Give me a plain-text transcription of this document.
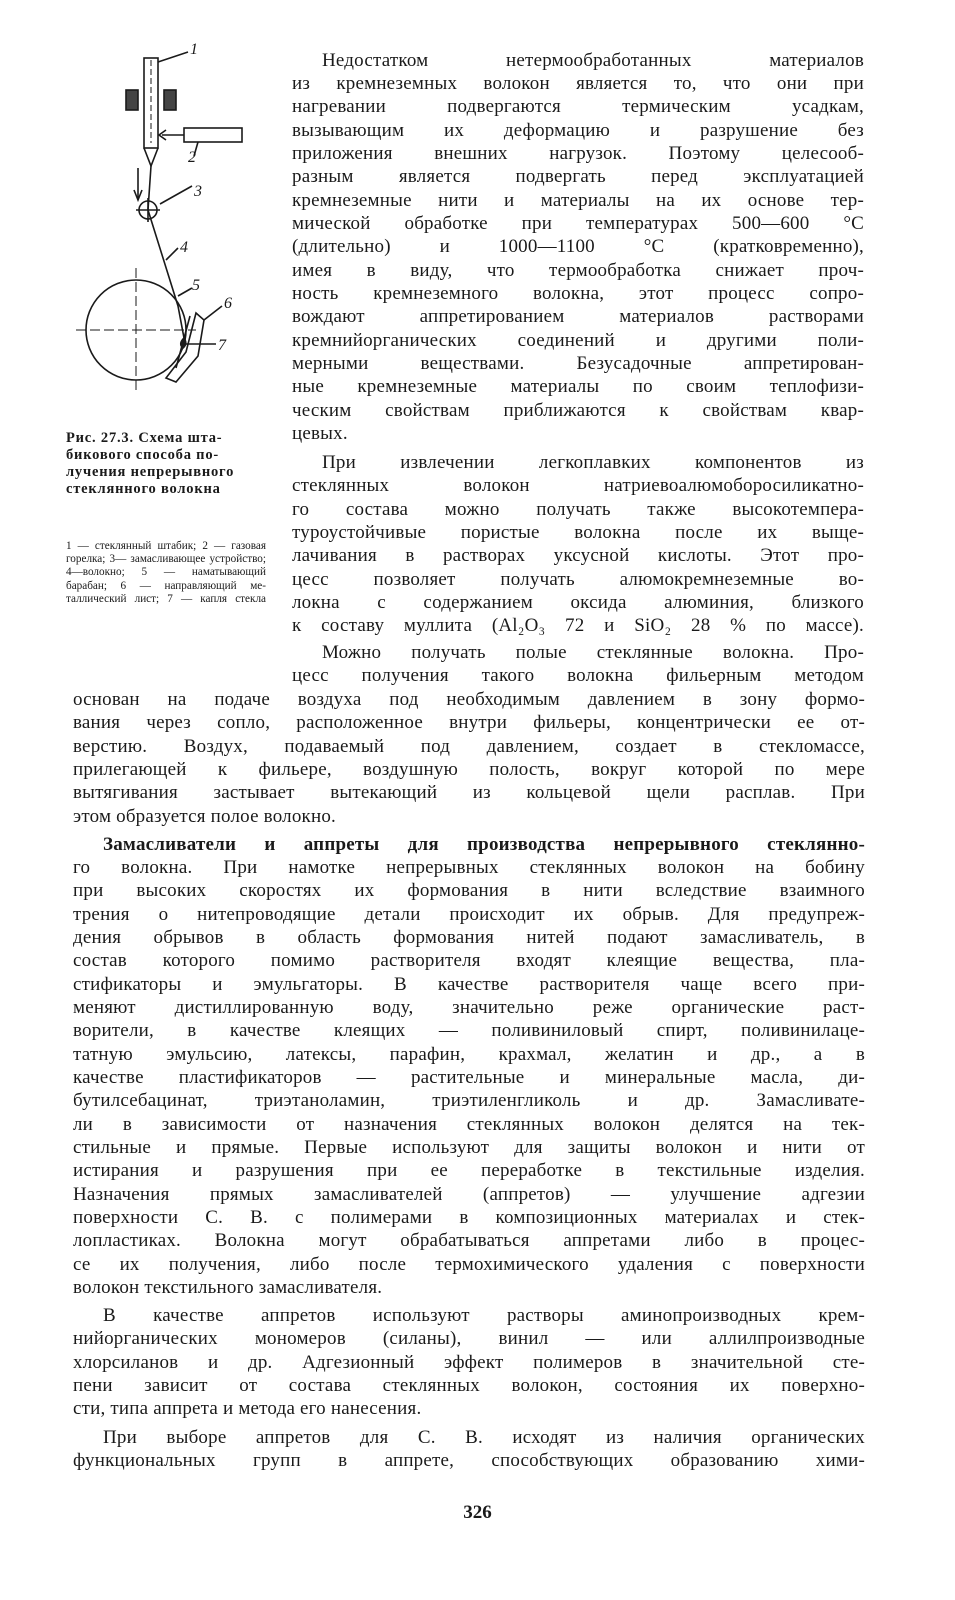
1
2
3
4
5
6
7
Рис. 27.3. Схема штабикового способа получения непрерывного стеклянного волокна
1 — стеклянный штабик; 2 — газовая горелка; 3— замасливающее устройство; 4—волокно; 5 — наматывающий барабан; 6 — направляющий металлический лист; 7 — капля стекла
Недостатком нетермообработанных материалов
из кремнеземных волокон является то, что они при
нагревании подвергаются термическим усадкам,
вызывающим их деформацию и разрушение без
приложения внешних нагрузок. Поэтому целесооб-
разным является подвергать перед эксплуатацией
кремнеземные нити и материалы на их основе тер-
мической обработке при температурах 500—600 °С
(длительно) и 1000—1100 °С (кратковременно),
имея в виду, что термообработка снижает проч-
ность кремнеземного волокна, этот процесс сопро-
вождают аппретированием материалов растворами
кремнийорганических соединений и другими поли-
мерными веществами. Безусадочные аппретирован-
ные кремнеземные материалы по своим теплофизи-
ческим свойствам приближаются к свойствам квар-
цевых.
При извлечении легкоплавких компонентов из
стеклянных волокон натриевоалюмоборосиликатно-
го состава можно получать также высокотемпера-
туроустойчивые пористые волокна после их выще-
лачивания в растворах уксусной кислоты. Этот про-
цесс позволяет получать алюмокремнеземные во-
локна с содержанием оксида алюминия, близкого
к составу муллита (Al₂O₃ 72 и SiO₂ 28 % по массе).
Можно получать полые стеклянные волокна. Про-
цесс получения такого волокна фильерным методом
основан на подаче воздуха под необходимым давлением в зону формо-
вания через сопло, расположенное внутри фильеры, концентрически ее от-
верстию. Воздух, подаваемый под давлением, создает в стекломассе,
прилегающей к фильере, воздушную полость, вокруг которой по мере
вытягивания застывает вытекающий из кольцевой щели расплав. При
этом образуется полое волокно.
Замасливатели и аппреты для производства непрерывного стеклянно-
го волокна. При намотке непрерывных стеклянных волокон на бобину
при высоких скоростях их формования в нити вследствие взаимного
трения о нитепроводящие детали происходит их обрыв. Для предупреж-
дения обрывов в область формования нитей подают замасливатель, в
состав которого помимо растворителя входят клеящие вещества, пла-
стификаторы и эмульгаторы. В качестве растворителя чаще всего при-
меняют дистиллированную воду, значительно реже органические раст-
ворители, в качестве клеящих — поливиниловый спирт, поливинилаце-
татную эмульсию, латексы, парафин, крахмал, желатин и др., а в
качестве пластификаторов — растительные и минеральные масла, ди-
бутилсебацинат, триэтаноламин, триэтиленгликоль и др. Замасливате-
ли в зависимости от назначения стеклянных волокон делятся на тек-
стильные и прямые. Первые используют для защиты волокон и нити от
истирания и разрушения при ее переработке в текстильные изделия.
Назначения прямых замасливателей (аппретов) — улучшение адгезии
поверхности С. В. с полимерами в композиционных материалах и стек-
лопластиках. Волокна могут обрабатываться аппретами либо в процес-
се их получения, либо после термохимического удаления с поверхности
волокон текстильного замасливателя.
В качестве аппретов используют растворы аминопроизводных крем-
нийорганических мономеров (силаны), винил — или аллилпроизводные
хлорсиланов и др. Адгезионный эффект полимеров в значительной сте-
пени зависит от состава стеклянных волокон, состояния их поверхно-
сти, типа аппрета и метода его нанесения.
При выборе аппретов для С. В. исходят из наличия органических
функциональных групп в аппрете, способствующих образованию хими-
326
